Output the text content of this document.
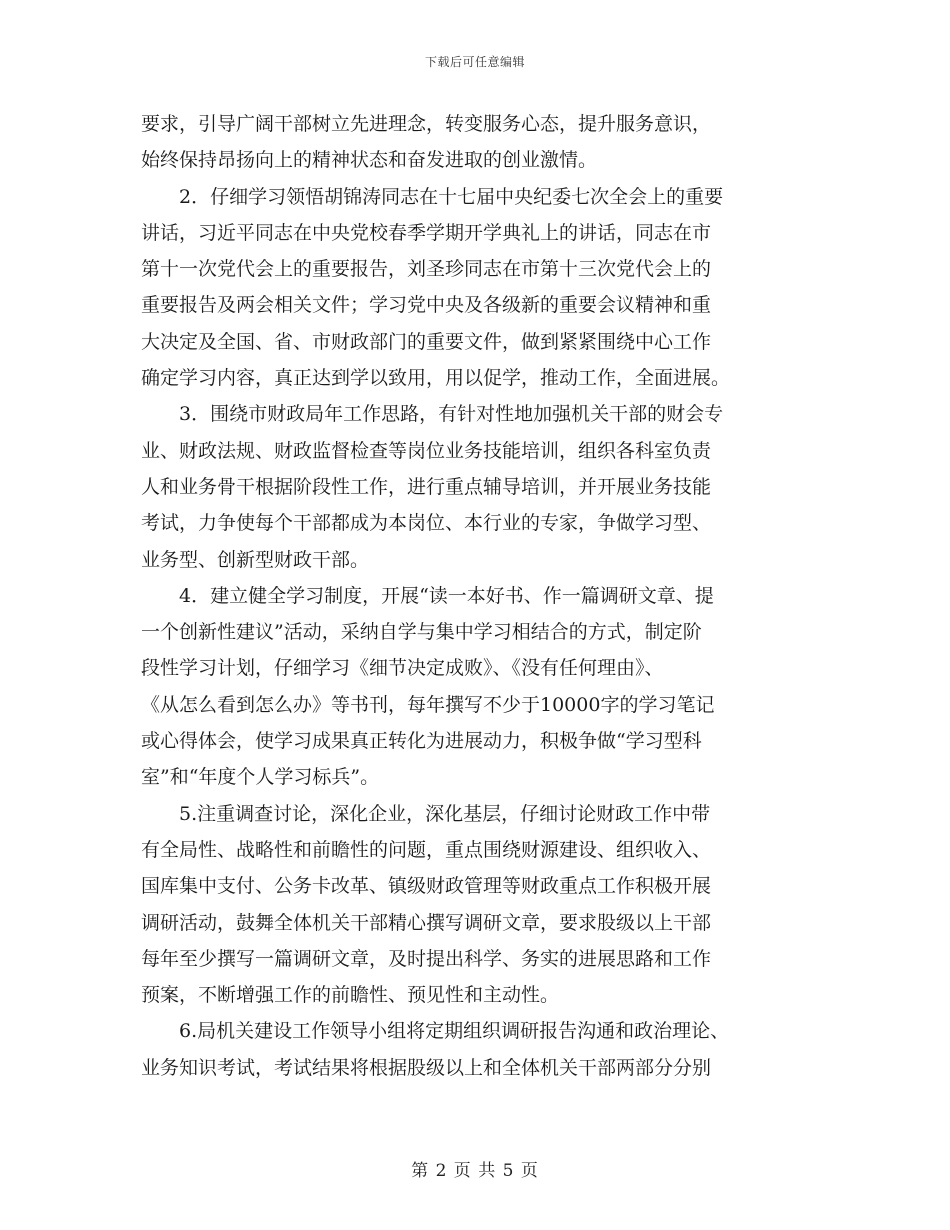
下载后可任意编辑

要求，引导广阔干部树立先进理念，转变服务心态，提升服务意识，
始终保持昂扬向上的精神状态和奋发进取的创业激情。

2．仔细学习领悟胡锦涛同志在十七届中央纪委七次全会上的重要
讲话，习近平同志在中央党校春季学期开学典礼上的讲话，同志在市
第十一次党代会上的重要报告，刘圣珍同志在市第十三次党代会上的
重要报告及两会相关文件；学习党中央及各级新的重要会议精神和重
大决定及全国、省、市财政部门的重要文件，做到紧紧围绕中心工作
确定学习内容，真正达到学以致用，用以促学，推动工作，全面进展。

3．围绕市财政局年工作思路，有针对性地加强机关干部的财会专
业、财政法规、财政监督检查等岗位业务技能培训，组织各科室负责
人和业务骨干根据阶段性工作，进行重点辅导培训，并开展业务技能
考试，力争使每个干部都成为本岗位、本行业的专家，争做学习型、
业务型、创新型财政干部。

4．建立健全学习制度，开展“读一本好书、作一篇调研文章、提
一个创新性建议”活动，采纳自学与集中学习相结合的方式，制定阶
段性学习计划，仔细学习《细节决定成败》、《没有任何理由》、
《从怎么看到怎么办》等书刊，每年撰写不少于10000字的学习笔记
或心得体会，使学习成果真正转化为进展动力，积极争做“学习型科
室”和“年度个人学习标兵”。

5.注重调查讨论，深化企业，深化基层，仔细讨论财政工作中带
有全局性、战略性和前瞻性的问题，重点围绕财源建设、组织收入、
国库集中支付、公务卡改革、镇级财政管理等财政重点工作积极开展
调研活动，鼓舞全体机关干部精心撰写调研文章，要求股级以上干部
每年至少撰写一篇调研文章，及时提出科学、务实的进展思路和工作
预案，不断增强工作的前瞻性、预见性和主动性。

6.局机关建设工作领导小组将定期组织调研报告沟通和政治理论、
业务知识考试，考试结果将根据股级以上和全体机关干部两部分分别

第 2 页 共 5 页
